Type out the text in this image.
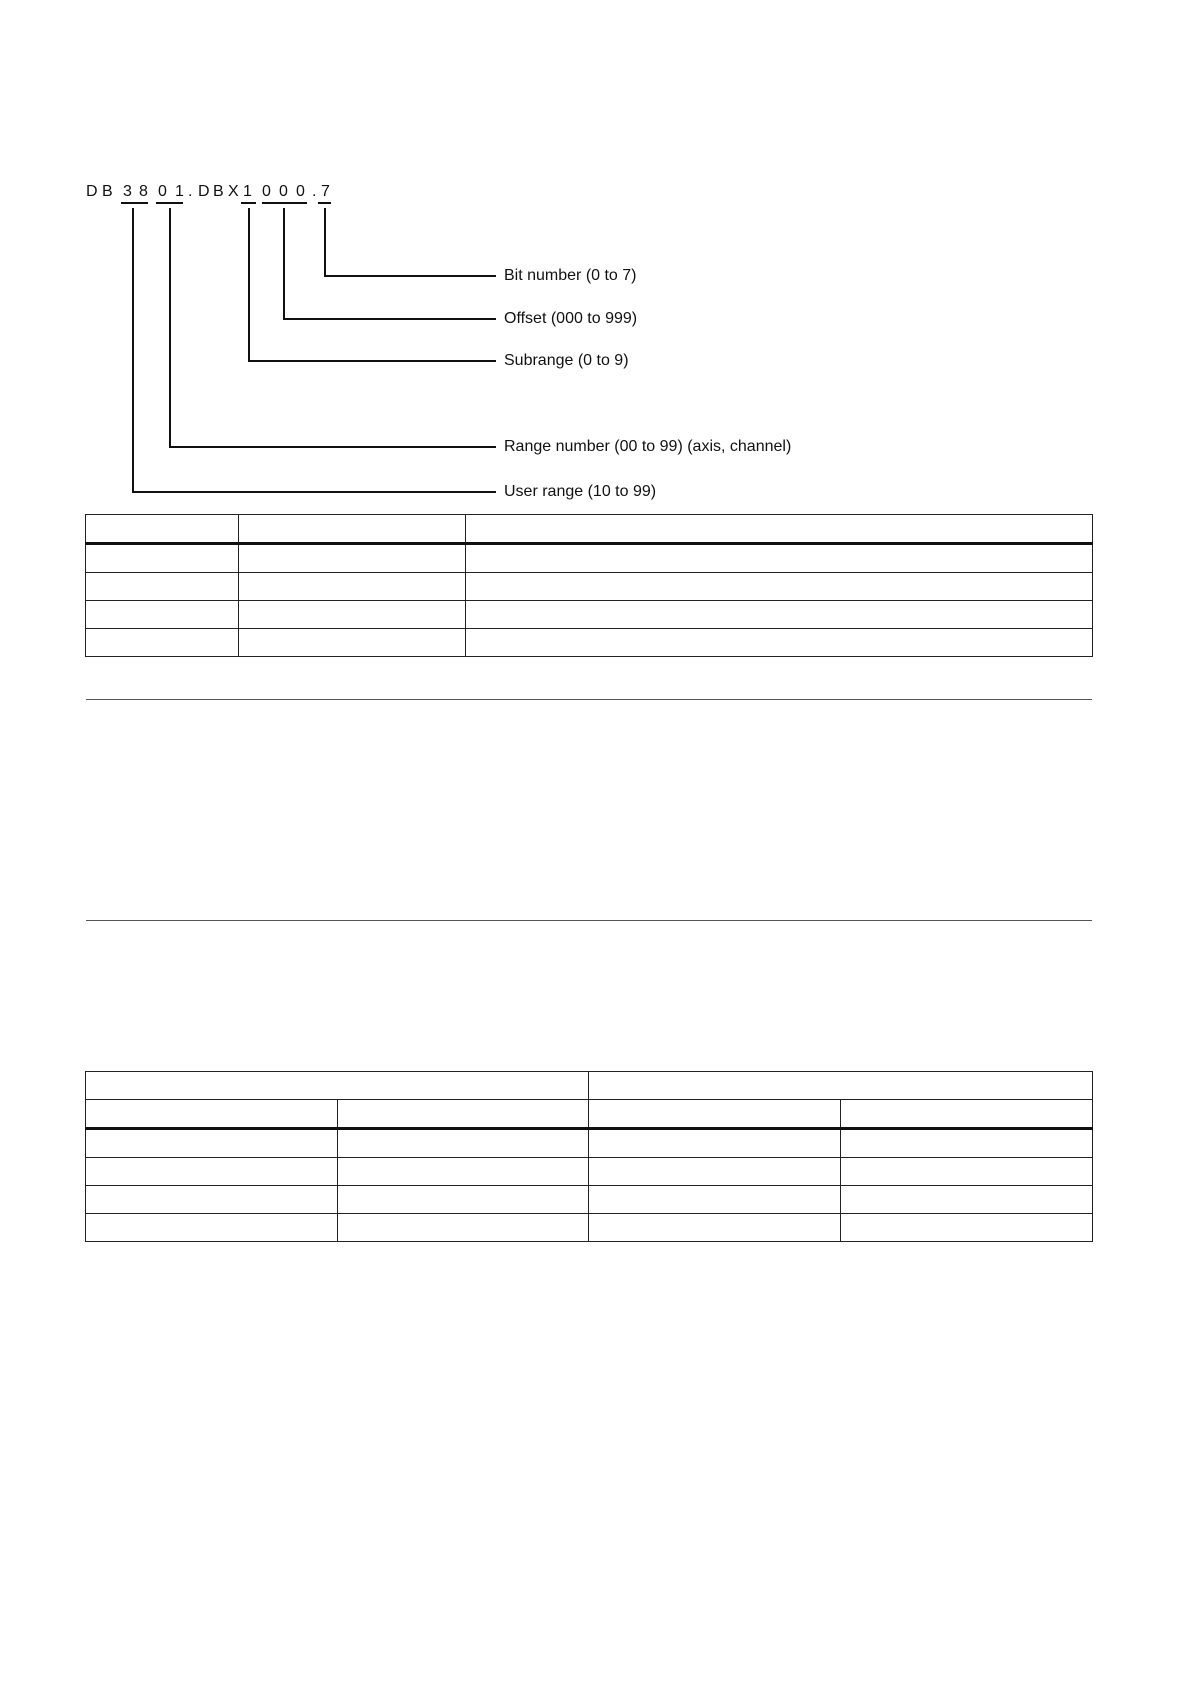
D B 3 8 0 1 . D B X 1 0 0 0 . 7
Bit number (0 to 7)
Offset (000 to 999)
Subrange (0 to 9)
Range number (00 to 99) (axis, channel)
User range (10 to 99)
